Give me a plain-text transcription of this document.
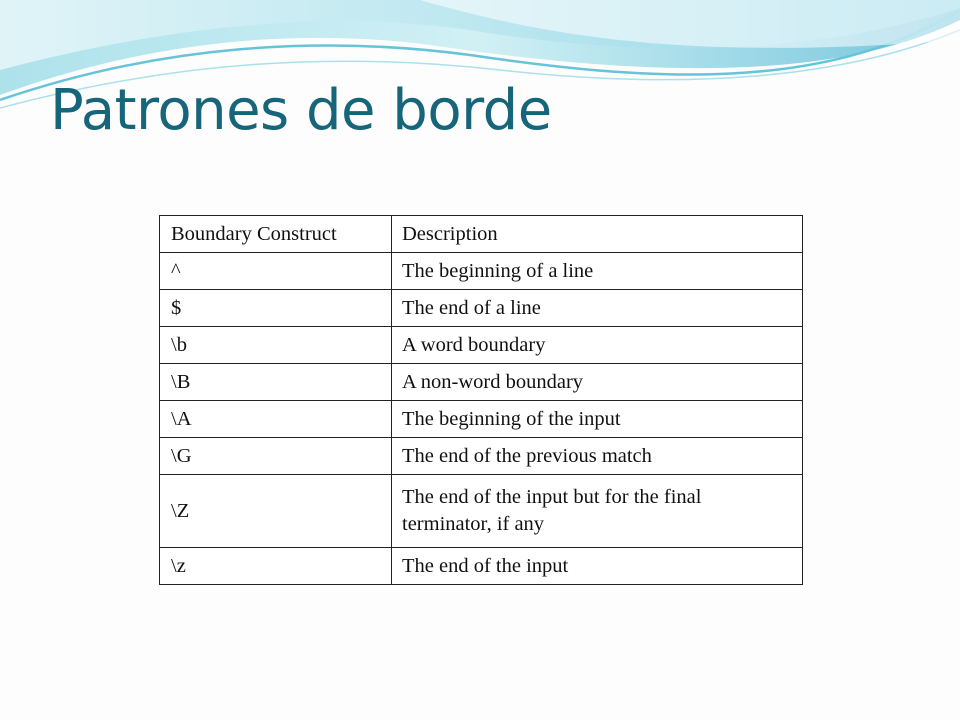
Patrones de borde
Boundary Construct	Description
^	The beginning of a line
$	The end of a line
\b	A word boundary
\B	A non-word boundary
\A	The beginning of the input
\G	The end of the previous match
\Z	The end of the input but for the final terminator, if any
\z	The end of the input
